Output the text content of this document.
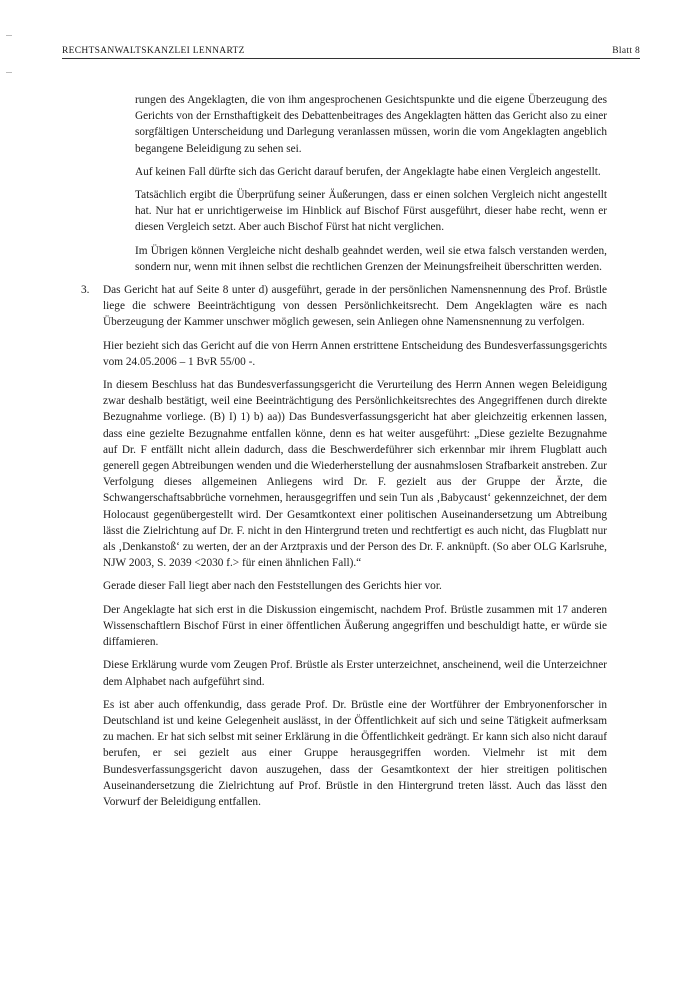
RECHTSANWALTSKANZLEI LENNARTZ	Blatt 8

rungen des Angeklagten, die von ihm angesprochenen Gesichtspunkte und die eigene Überzeugung des Gerichts von der Ernsthaftigkeit des Debattenbeitrages des Angeklagten hätten das Gericht also zu einer sorgfältigen Unterscheidung und Darlegung veranlassen müssen, worin die vom Angeklagten angeblich begangene Beleidigung zu sehen sei.

Auf keinen Fall dürfte sich das Gericht darauf berufen, der Angeklagte habe einen Vergleich angestellt.

Tatsächlich ergibt die Überprüfung seiner Äußerungen, dass er einen solchen Vergleich nicht angestellt hat. Nur hat er unrichtigerweise im Hinblick auf Bischof Fürst ausgeführt, dieser habe recht, wenn er diesen Vergleich setzt. Aber auch Bischof Fürst hat nicht verglichen.

Im Übrigen können Vergleiche nicht deshalb geahndet werden, weil sie etwa falsch verstanden werden, sondern nur, wenn mit ihnen selbst die rechtlichen Grenzen der Meinungsfreiheit überschritten werden.

3. Das Gericht hat auf Seite 8 unter d) ausgeführt, gerade in der persönlichen Namensnennung des Prof. Brüstle liege die schwere Beeinträchtigung von dessen Persönlichkeitsrecht. Dem Angeklagten wäre es nach Überzeugung der Kammer unschwer möglich gewesen, sein Anliegen ohne Namensnennung zu verfolgen.

Hier bezieht sich das Gericht auf die von Herrn Annen erstrittene Entscheidung des Bundesverfassungsgerichts vom 24.05.2006 – 1 BvR 55/00 -.

In diesem Beschluss hat das Bundesverfassungsgericht die Verurteilung des Herrn Annen wegen Beleidigung zwar deshalb bestätigt, weil eine Beeinträchtigung des Persönlichkeitsrechtes des Angegriffenen durch direkte Bezugnahme vorliege. (B) I) 1) b) aa)) Das Bundesverfassungsgericht hat aber gleichzeitig erkennen lassen, dass eine gezielte Bezugnahme entfallen könne, denn es hat weiter ausgeführt: „Diese gezielte Bezugnahme auf Dr. F entfällt nicht allein dadurch, dass die Beschwerdeführer sich erkennbar mir ihrem Flugblatt auch generell gegen Abtreibungen wenden und die Wiederherstellung der ausnahmslosen Strafbarkeit anstreben. Zur Verfolgung dieses allgemeinen Anliegens wird Dr. F. gezielt aus der Gruppe der Ärzte, die Schwangerschaftsabbrüche vornehmen, herausgegriffen und sein Tun als ‚Babycaust‘ gekennzeichnet, der dem Holocaust gegenübergestellt wird. Der Gesamtkontext einer politischen Auseinandersetzung um Abtreibung lässt die Zielrichtung auf Dr. F. nicht in den Hintergrund treten und rechtfertigt es auch nicht, das Flugblatt nur als ‚Denkanstoß‘ zu werten, der an der Arztpraxis und der Person des Dr. F. anknüpft. (So aber OLG Karlsruhe, NJW 2003, S. 2039 <2030 f.> für einen ähnlichen Fall).“

Gerade dieser Fall liegt aber nach den Feststellungen des Gerichts hier vor.

Der Angeklagte hat sich erst in die Diskussion eingemischt, nachdem Prof. Brüstle zusammen mit 17 anderen Wissenschaftlern Bischof Fürst in einer öffentlichen Äußerung angegriffen und beschuldigt hatte, er würde sie diffamieren.

Diese Erklärung wurde vom Zeugen Prof. Brüstle als Erster unterzeichnet, anscheinend, weil die Unterzeichner dem Alphabet nach aufgeführt sind.

Es ist aber auch offenkundig, dass gerade Prof. Dr. Brüstle eine der Wortführer der Embryonenforscher in Deutschland ist und keine Gelegenheit auslässt, in der Öffentlichkeit auf sich und seine Tätigkeit aufmerksam zu machen. Er hat sich selbst mit seiner Erklärung in die Öffentlichkeit gedrängt. Er kann sich also nicht darauf berufen, er sei gezielt aus einer Gruppe herausgegriffen worden. Vielmehr ist mit dem Bundesverfassungsgericht davon auszugehen, dass der Gesamtkontext der hier streitigen politischen Auseinandersetzung die Zielrichtung auf Prof. Brüstle in den Hintergrund treten lässt. Auch das lässt den Vorwurf der Beleidigung entfallen.
